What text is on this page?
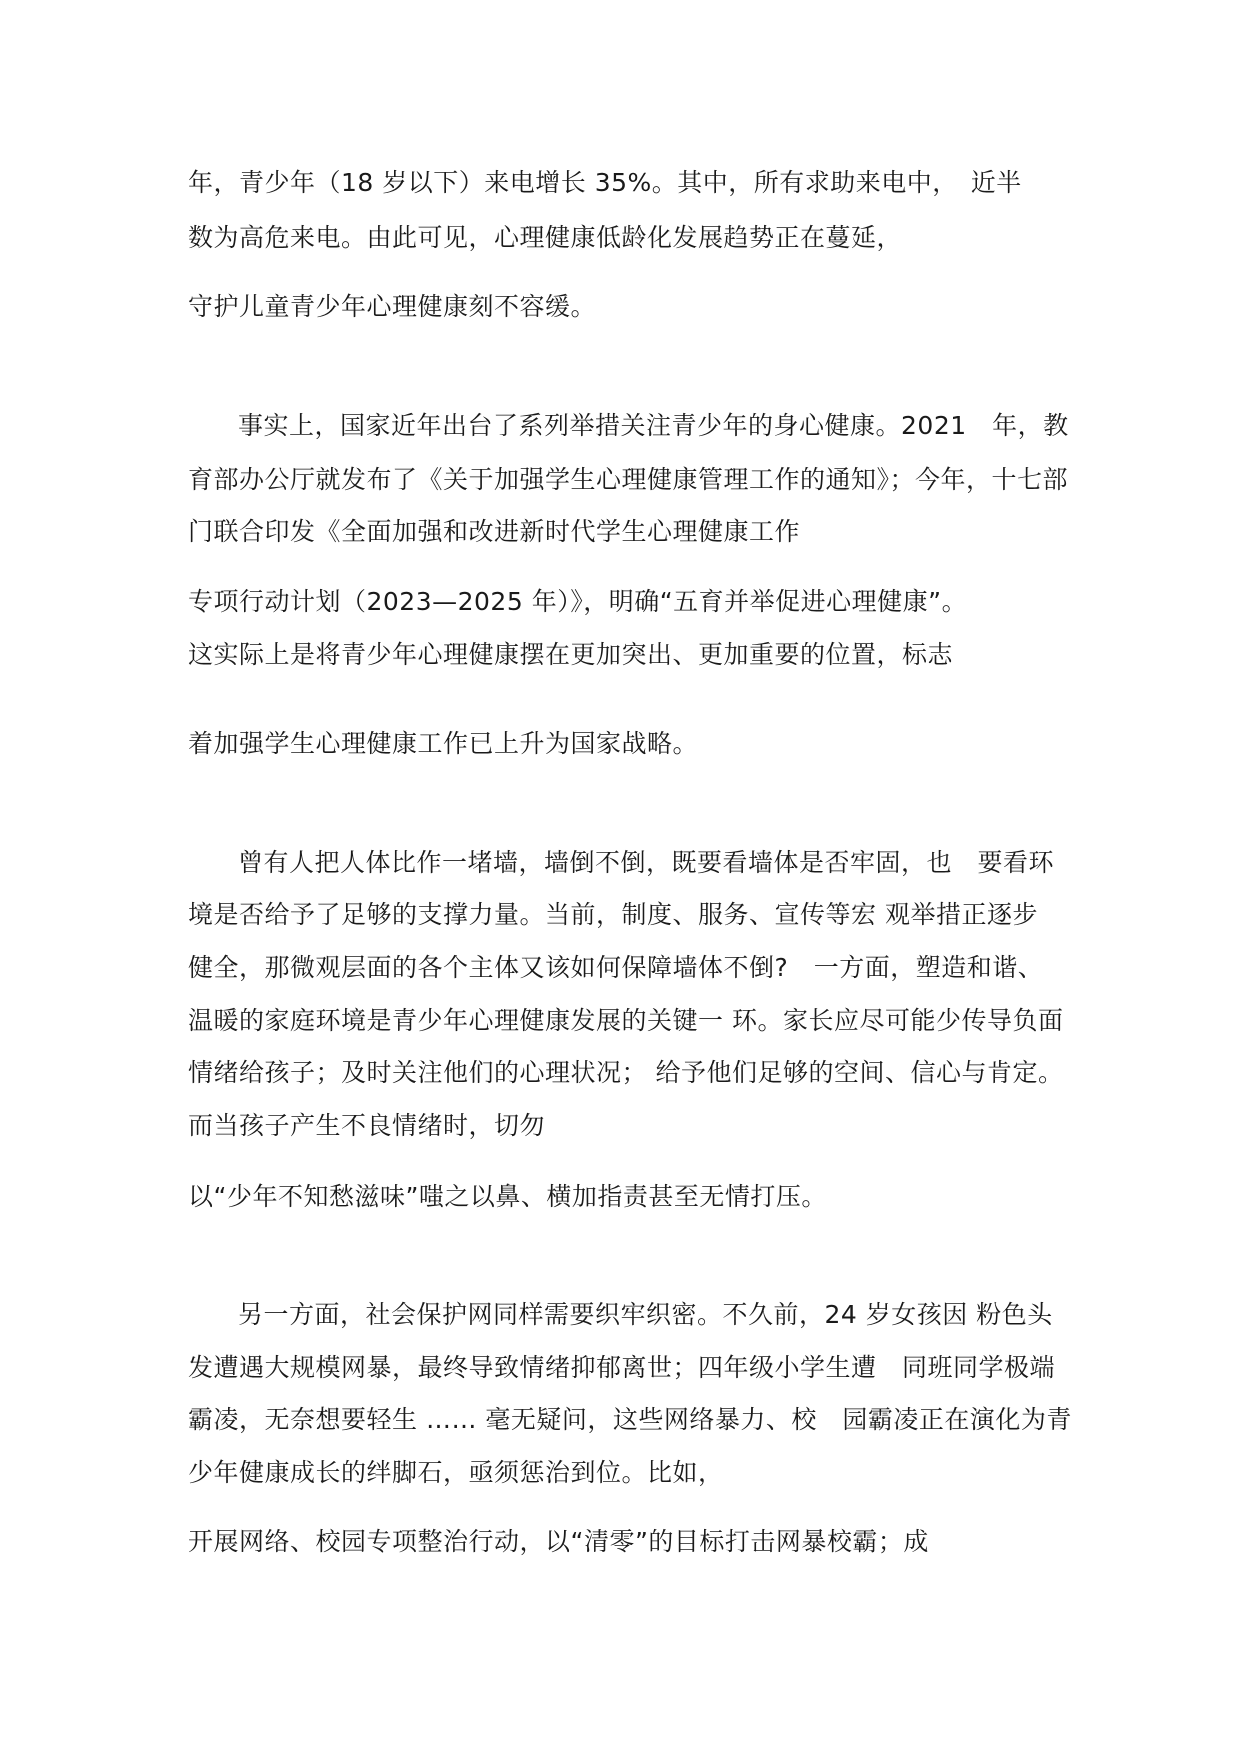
年，青少年（18 岁以下）来电增长 35%。其中，所有求助来电中，　近半
数为高危来电。由此可见，心理健康低龄化发展趋势正在蔓延，
守护儿童青少年心理健康刻不容缓。
事实上，国家近年出台了系列举措关注青少年的身心健康。2021　年，教
育部办公厅就发布了《关于加强学生心理健康管理工作的通知》；今年，十七部
门联合印发《全面加强和改进新时代学生心理健康工作
专项行动计划（2023—2025 年）》，明确“五育并举促进心理健康”。
这实际上是将青少年心理健康摆在更加突出、更加重要的位置，标志
着加强学生心理健康工作已上升为国家战略。
曾有人把人体比作一堵墙，墙倒不倒，既要看墙体是否牢固，也　要看环
境是否给予了足够的支撑力量。当前，制度、服务、宣传等宏 观举措正逐步
健全，那微观层面的各个主体又该如何保障墙体不倒?　一方面，塑造和谐、
温暖的家庭环境是青少年心理健康发展的关键一 环。家长应尽可能少传导负面
情绪给孩子；及时关注他们的心理状况； 给予他们足够的空间、信心与肯定。
而当孩子产生不良情绪时，切勿
以“少年不知愁滋味”嗤之以鼻、横加指责甚至无情打压。
另一方面，社会保护网同样需要织牢织密。不久前，24 岁女孩因 粉色头
发遭遇大规模网暴，最终导致情绪抑郁离世；四年级小学生遭　同班同学极端
霸凌，无奈想要轻生 …… 毫无疑问，这些网络暴力、校　园霸凌正在演化为青
少年健康成长的绊脚石，亟须惩治到位。比如，
开展网络、校园专项整治行动，以“清零”的目标打击网暴校霸；成
